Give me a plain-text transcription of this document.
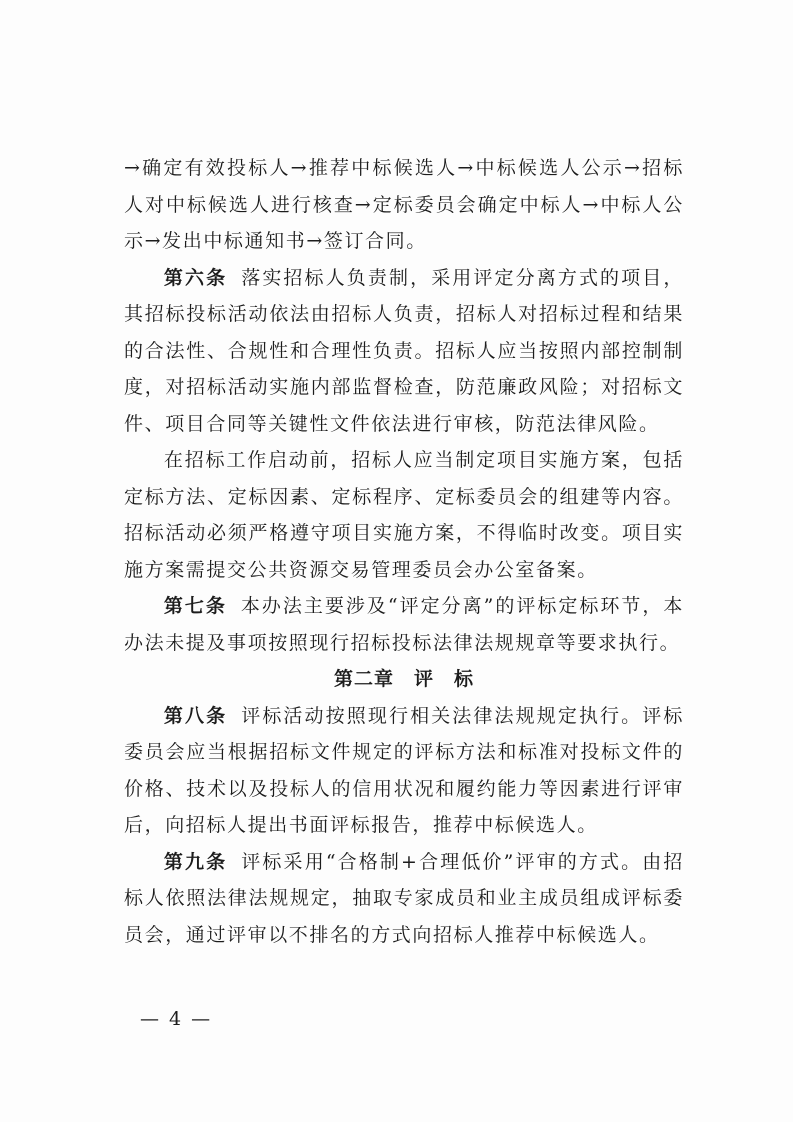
→确定有效投标人→推荐中标候选人→中标候选人公示→招标人对中标候选人进行核查→定标委员会确定中标人→中标人公示→发出中标通知书→签订合同。

第六条 落实招标人负责制，采用评定分离方式的项目，其招标投标活动依法由招标人负责，招标人对招标过程和结果的合法性、合规性和合理性负责。招标人应当按照内部控制制度，对招标活动实施内部监督检查，防范廉政风险；对招标文件、项目合同等关键性文件依法进行审核，防范法律风险。

在招标工作启动前，招标人应当制定项目实施方案，包括定标方法、定标因素、定标程序、定标委员会的组建等内容。招标活动必须严格遵守项目实施方案，不得临时改变。项目实施方案需提交公共资源交易管理委员会办公室备案。

第七条 本办法主要涉及“评定分离”的评标定标环节，本办法未提及事项按照现行招标投标法律法规规章等要求执行。

第二章　评　标

第八条 评标活动按照现行相关法律法规规定执行。评标委员会应当根据招标文件规定的评标方法和标准对投标文件的价格、技术以及投标人的信用状况和履约能力等因素进行评审后，向招标人提出书面评标报告，推荐中标候选人。

第九条 评标采用“合格制+合理低价”评审的方式。由招标人依照法律法规规定，抽取专家成员和业主成员组成评标委员会，通过评审以不排名的方式向招标人推荐中标候选人。

— 4 —
